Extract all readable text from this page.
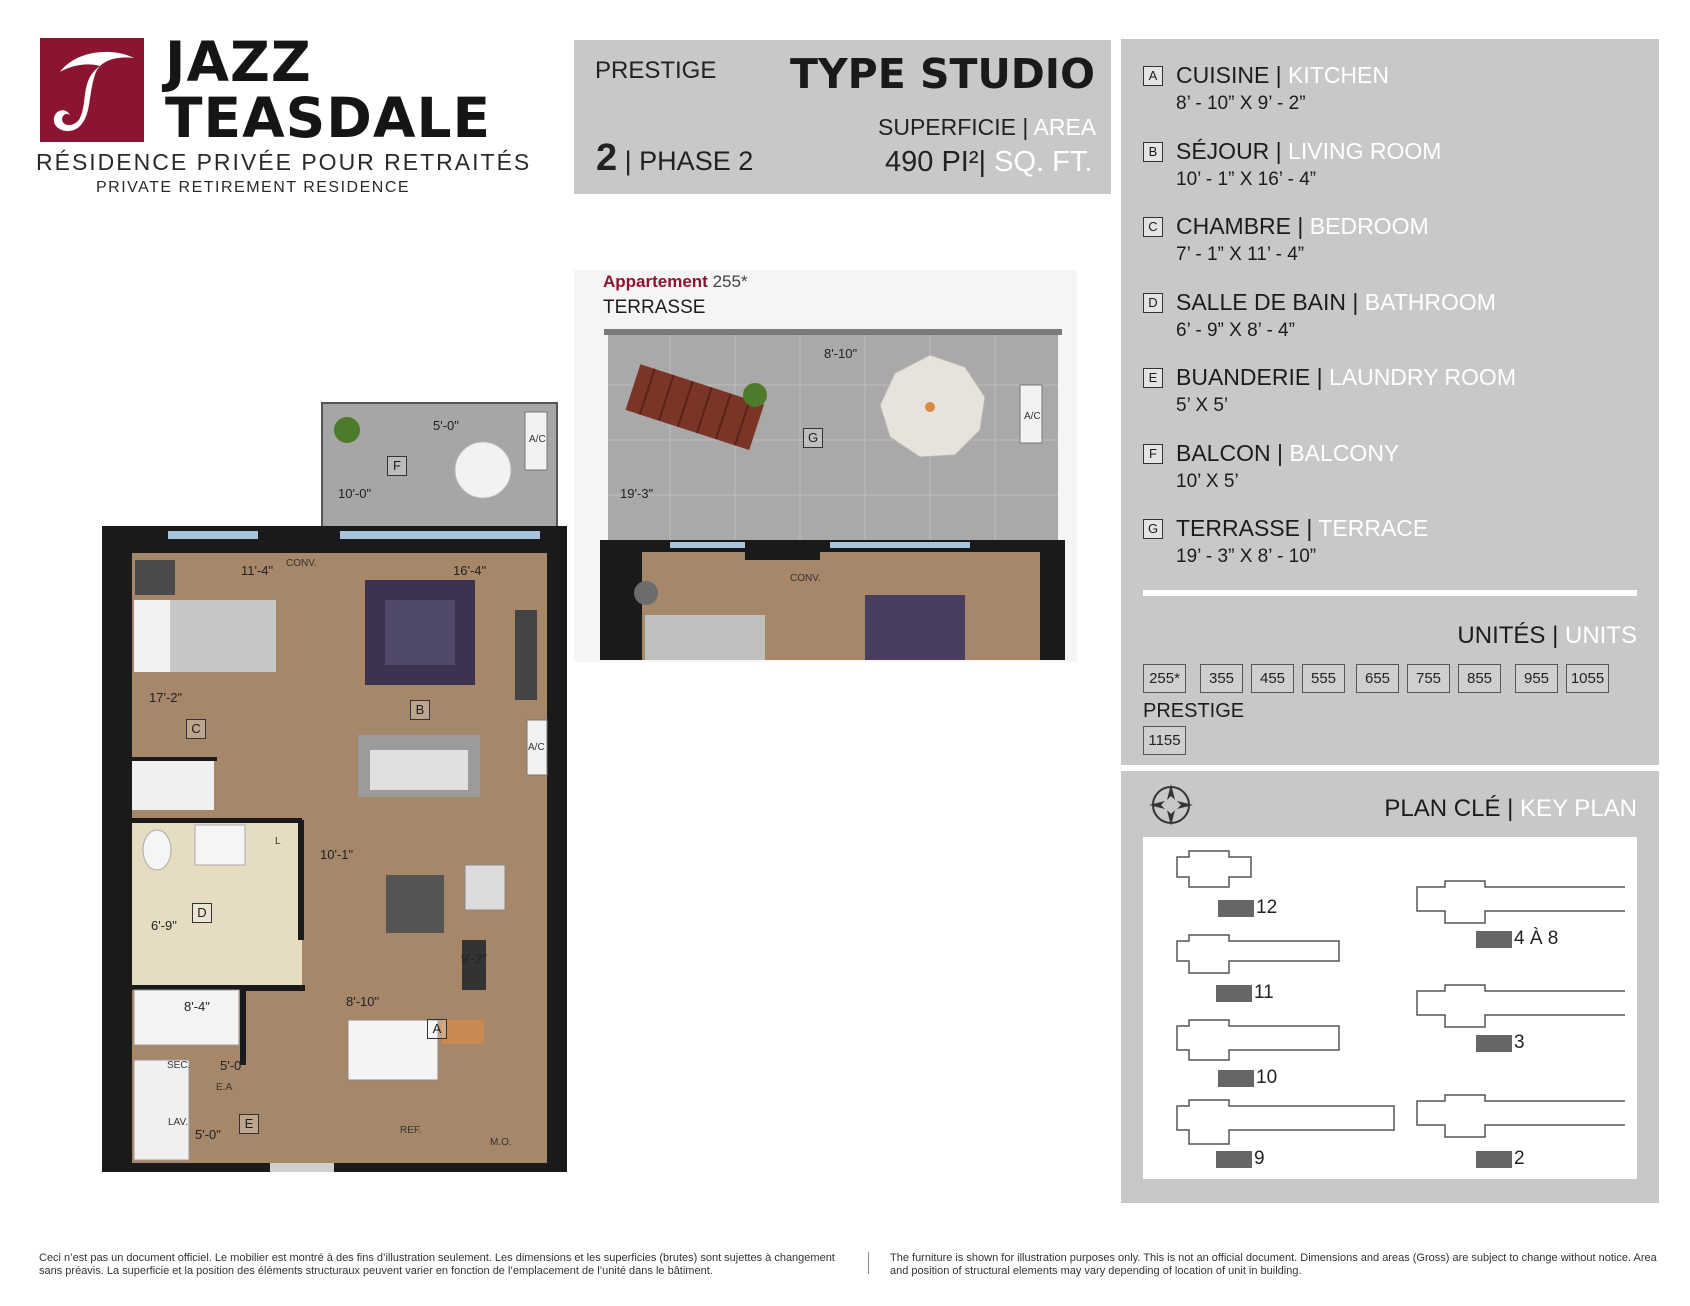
JAZZ
TEASDALE
RÉSIDENCE PRIVÉE POUR RETRAITÉS
PRIVATE RETIREMENT RESIDENCE
PRESTIGE TYPE STUDIO
SUPERFICIE | AREA
2 | PHASE 2	490 PI²| SQ. FT.
Appartement 255*
TERRASSE
8'-10"
19'-3"
G
A/C
CONV.
5'-0"
10'-0"
A/C
F
CONV.
11'-4"	16'-4"
17'-2"
C
B
A/C
L
10'-1"
D
6'-9"
9'-2"
8'-4"	8'-10"
A
SEC. 5'-0"
E.A
LAV.	E
5'-0"	REF.
M.O.
A CUISINE | KITCHEN
8’ - 10” X 9’ - 2”
B SÉJOUR | LIVING ROOM
10’ - 1” X 16’ - 4”
C CHAMBRE | BEDROOM
7’ - 1” X 11’ - 4”
D SALLE DE BAIN | BATHROOM
6’ - 9” X 8’ - 4”
E BUANDERIE | LAUNDRY ROOM
5’ X 5’
F BALCON | BALCONY
10’ X 5’
G TERRASSE | TERRACE
19’ - 3” X 8’ - 10”
UNITÉS | UNITS
255*	355	455	555	655	755	855	955	1055
PRESTIGE
1155
PLAN CLÉ | KEY PLAN
12
11
10
9
4 À 8
3
2
Ceci n’est pas un document officiel. Le mobilier est montré à des fins d’illustration seulement. Les dimensions et les superficies (brutes) sont sujettes à changement sans préavis. La superficie et la position des éléments structuraux peuvent varier en fonction de l’emplacement de l’unité dans le bâtiment.
The furniture is shown for illustration purposes only. This is not an official document. Dimensions and areas (Gross) are subject to change without notice. Area and position of structural elements may vary depending of location of unit in building.
